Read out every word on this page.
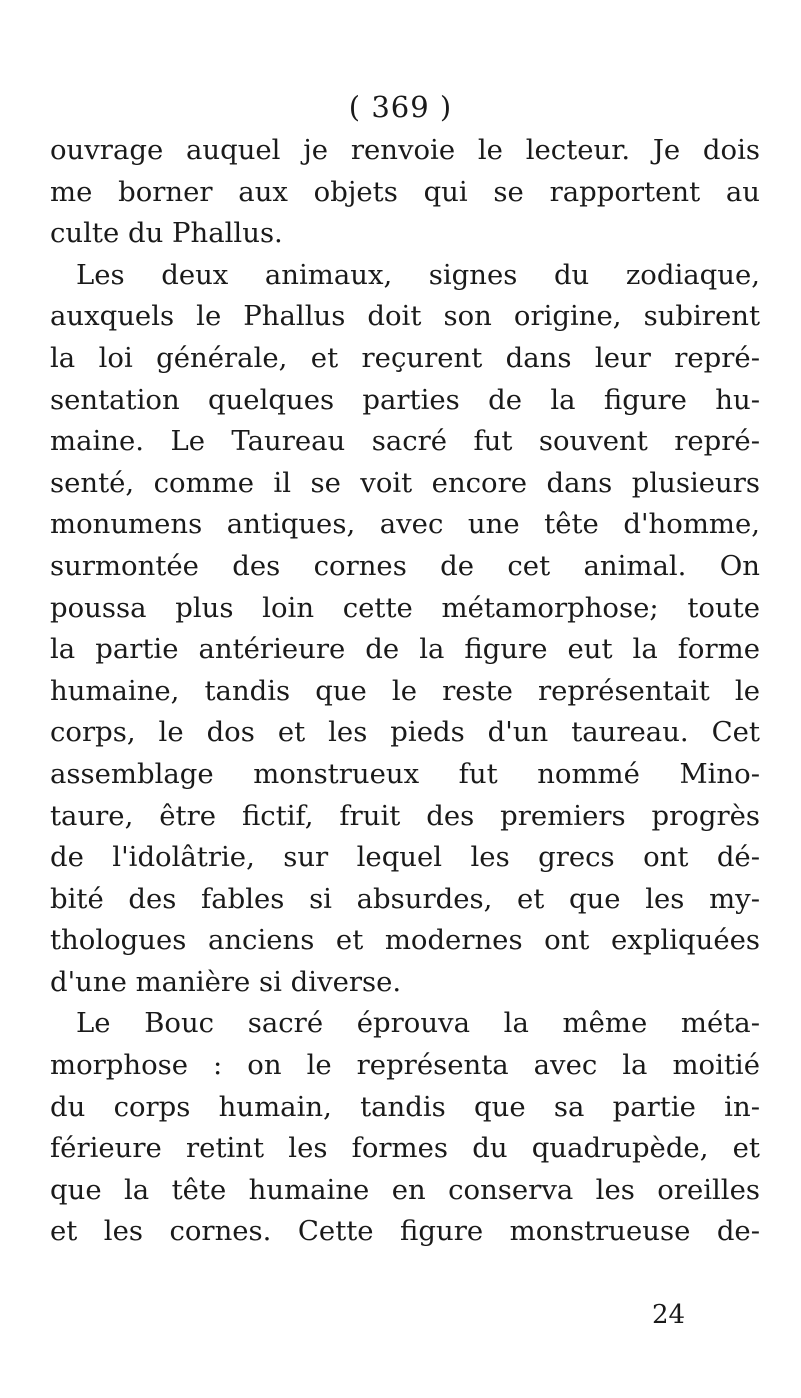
( 369 )
ouvrage auquel je renvoie le lecteur. Je dois
me borner aux objets qui se rapportent au
culte du Phallus.
Les deux animaux, signes du zodiaque,
auxquels le Phallus doit son origine, subirent
la loi générale, et reçurent dans leur repré-
sentation quelques parties de la figure hu-
maine. Le Taureau sacré fut souvent repré-
senté, comme il se voit encore dans plusieurs
monumens antiques, avec une tête d'homme,
surmontée des cornes de cet animal. On
poussa plus loin cette métamorphose; toute
la partie antérieure de la figure eut la forme
humaine, tandis que le reste représentait le
corps, le dos et les pieds d'un taureau. Cet
assemblage monstrueux fut nommé Mino-
taure, être fictif, fruit des premiers progrès
de l'idolâtrie, sur lequel les grecs ont dé-
bité des fables si absurdes, et que les my-
thologues anciens et modernes ont expliquées
d'une manière si diverse.
Le Bouc sacré éprouva la même méta-
morphose : on le représenta avec la moitié
du corps humain, tandis que sa partie in-
férieure retint les formes du quadrupède, et
que la tête humaine en conserva les oreilles
et les cornes. Cette figure monstrueuse de-
24
